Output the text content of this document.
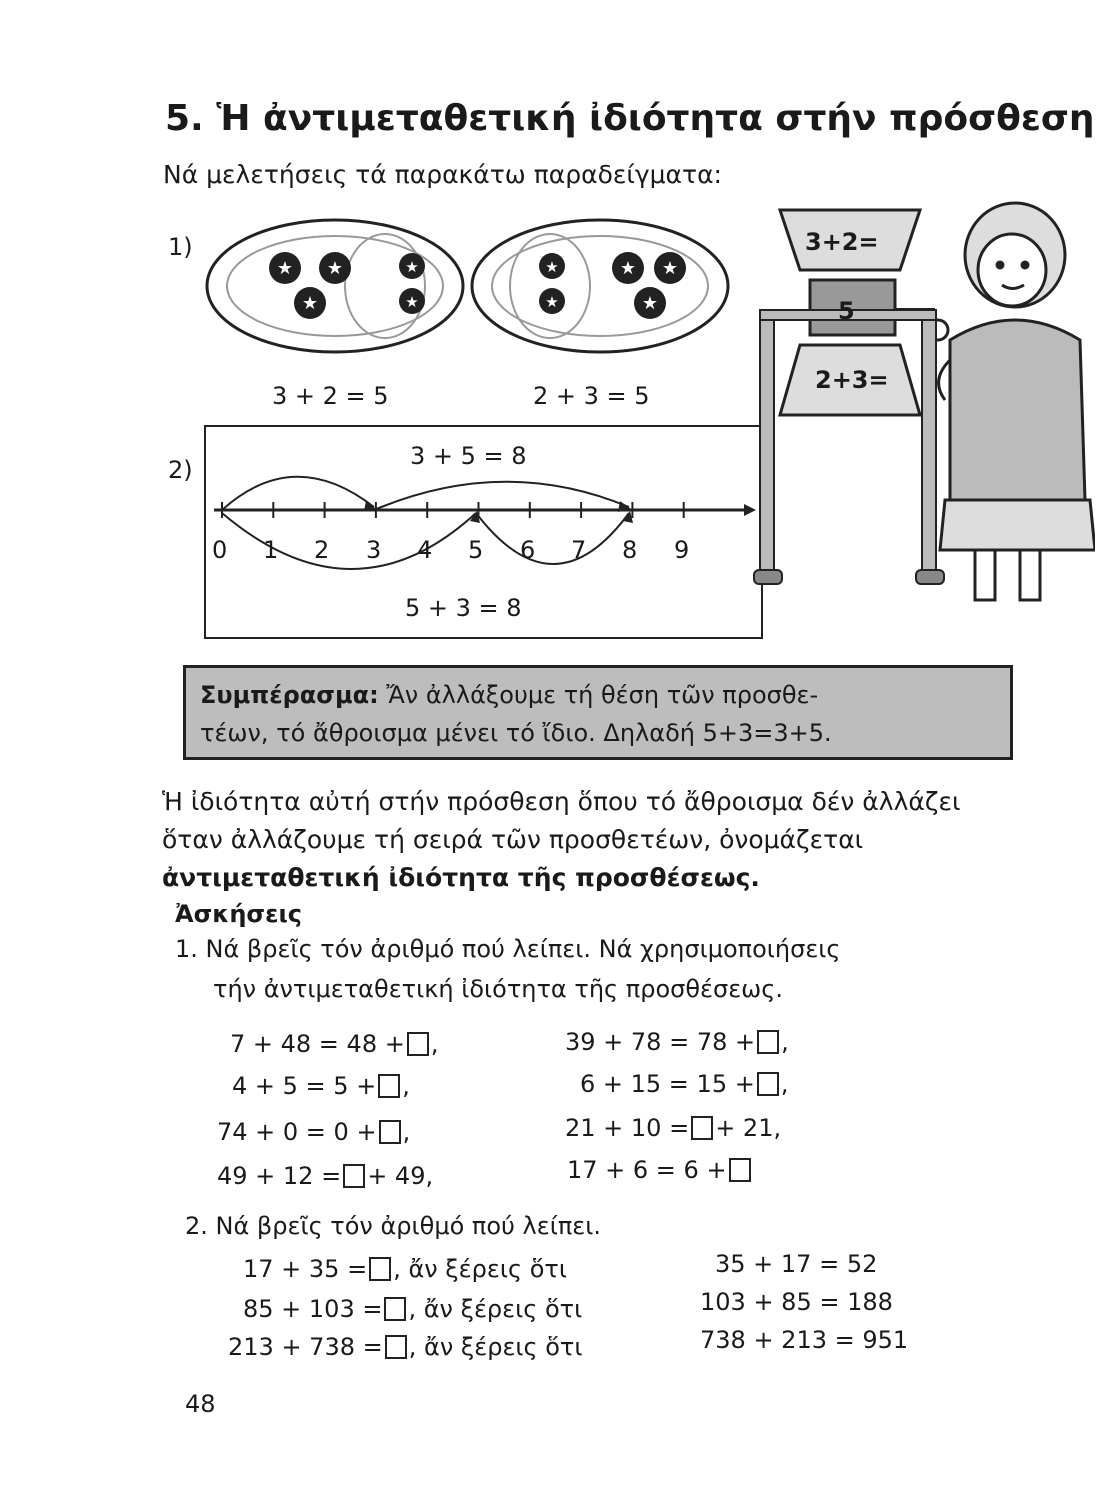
5. Ἡ ἀντιμεταθετική ἰδιότητα στήν πρόσθεση
Νά μελετήσεις τά παρακάτω παραδείγματα:
1)
★ ★
★
★
★
★
★
★ ★
★
3 + 2 = 5	2 + 3 = 5
2)	3 + 5 = 8
0 1 2 3 4 5 6 7 8 9
5 + 3 = 8
3+2=
5
2+3=
Συμπέρασμα: Ἄν ἀλλάξουμε τή θέση τῶν προσθε-
τέων, τό ἄθροισμα μένει τό ἴδιο. Δηλαδή 5+3=3+5.
Ἡ ἰδιότητα αὐτή στήν πρόσθεση ὅπου τό ἄθροισμα δέν ἀλλάζει ὅταν ἀλλάζουμε τή σειρά τῶν προσθετέων, ὀνομάζεται ἀντιμεταθετική ἰδιότητα τῆς προσθέσεως.
Ἀσκήσεις
1. Νά βρεῖς τόν ἀριθμό πού λείπει. Νά χρησιμοποιήσεις
τήν ἀντιμεταθετική ἰδιότητα τῆς προσθέσεως.
7 + 48 = 48 + ,
4 + 5 = 5 + ,
74 + 0 = 0 + ,
49 + 12 = + 49,
39 + 78 = 78 + ,
6 + 15 = 15 + ,
21 + 10 = + 21,
17 + 6 = 6 +
2. Νά βρεῖς τόν ἀριθμό πού λείπει.
17 + 35 = , ἄν ξέρεις ὅτι	35 + 17 = 52
85 + 103 = , ἄν ξέρεις ὅτι	103 + 85 = 188
213 + 738 = , ἄν ξέρεις ὅτι	738 + 213 = 951
48
